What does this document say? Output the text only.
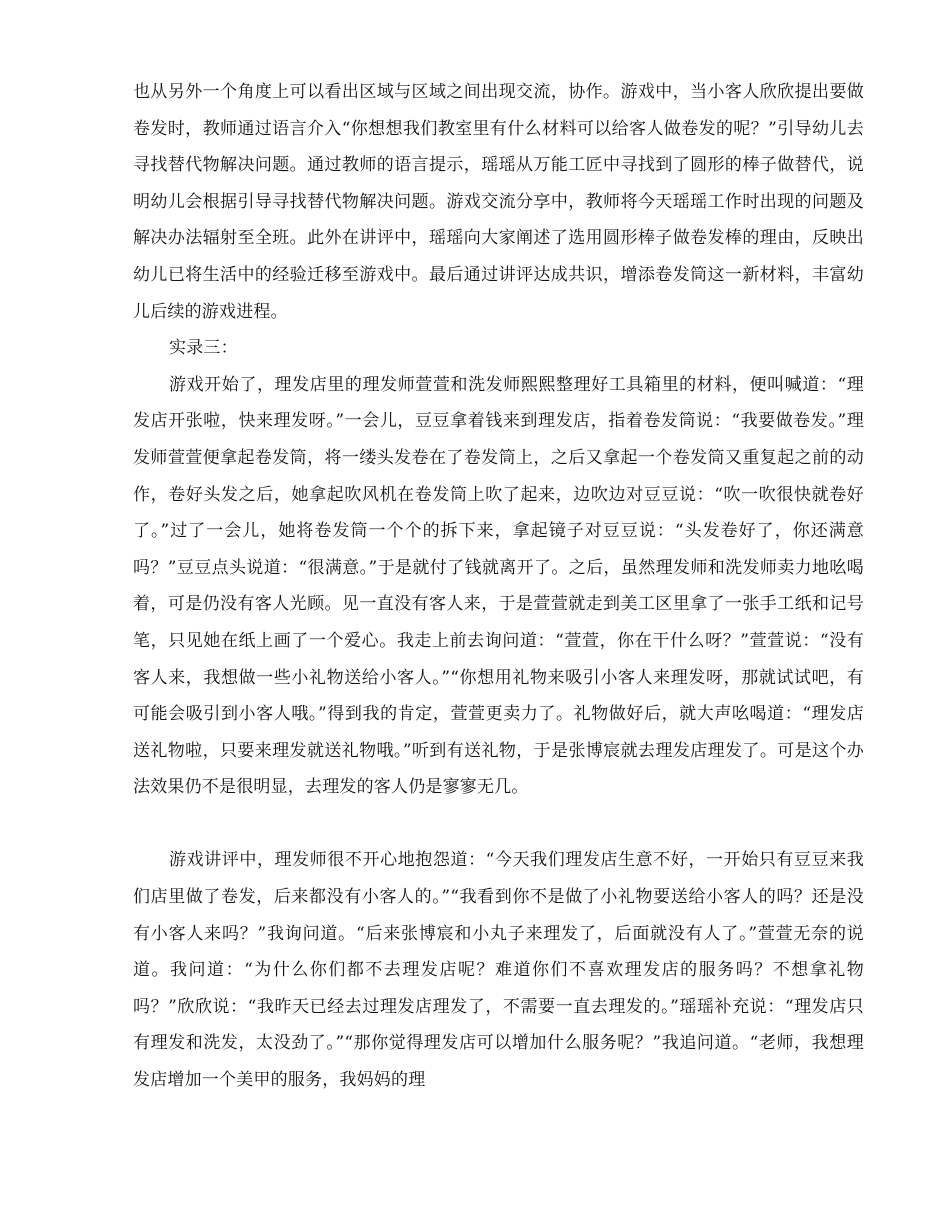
也从另外一个角度上可以看出区域与区域之间出现交流，协作。游戏中，当小客人欣欣提出要做卷发时，教师通过语言介入“你想想我们教室里有什么材料可以给客人做卷发的呢？”引导幼儿去寻找替代物解决问题。通过教师的语言提示，瑶瑶从万能工匠中寻找到了圆形的棒子做替代，说明幼儿会根据引导寻找替代物解决问题。游戏交流分享中，教师将今天瑶瑶工作时出现的问题及解决办法辐射至全班。此外在讲评中，瑶瑶向大家阐述了选用圆形棒子做卷发棒的理由，反映出幼儿已将生活中的经验迁移至游戏中。最后通过讲评达成共识，增添卷发筒这一新材料，丰富幼儿后续的游戏进程。

实录三：

游戏开始了，理发店里的理发师萱萱和洗发师熙熙整理好工具箱里的材料，便叫喊道：“理发店开张啦，快来理发呀。”一会儿，豆豆拿着钱来到理发店，指着卷发筒说：“我要做卷发。”理发师萱萱便拿起卷发筒，将一缕头发卷在了卷发筒上，之后又拿起一个卷发筒又重复起之前的动作，卷好头发之后，她拿起吹风机在卷发筒上吹了起来，边吹边对豆豆说：“吹一吹很快就卷好了。”过了一会儿，她将卷发筒一个个的拆下来，拿起镜子对豆豆说：“头发卷好了，你还满意吗？”豆豆点头说道：“很满意。”于是就付了钱就离开了。之后，虽然理发师和洗发师卖力地吆喝着，可是仍没有客人光顾。见一直没有客人来，于是萱萱就走到美工区里拿了一张手工纸和记号笔，只见她在纸上画了一个爱心。我走上前去询问道：“萱萱，你在干什么呀？”萱萱说：“没有客人来，我想做一些小礼物送给小客人。”“你想用礼物来吸引小客人来理发呀，那就试试吧，有可能会吸引到小客人哦。”得到我的肯定，萱萱更卖力了。礼物做好后，就大声吆喝道：“理发店送礼物啦，只要来理发就送礼物哦。”听到有送礼物，于是张博宸就去理发店理发了。可是这个办法效果仍不是很明显，去理发的客人仍是寥寥无几。

游戏讲评中，理发师很不开心地抱怨道：“今天我们理发店生意不好，一开始只有豆豆来我们店里做了卷发，后来都没有小客人的。”“我看到你不是做了小礼物要送给小客人的吗？还是没有小客人来吗？”我询问道。“后来张博宸和小丸子来理发了，后面就没有人了。”萱萱无奈的说道。我问道：“为什么你们都不去理发店呢？难道你们不喜欢理发店的服务吗？不想拿礼物吗？”欣欣说：“我昨天已经去过理发店理发了，不需要一直去理发的。”瑶瑶补充说：“理发店只有理发和洗发，太没劲了。”“那你觉得理发店可以增加什么服务呢？”我追问道。“老师，我想理发店增加一个美甲的服务，我妈妈的理
